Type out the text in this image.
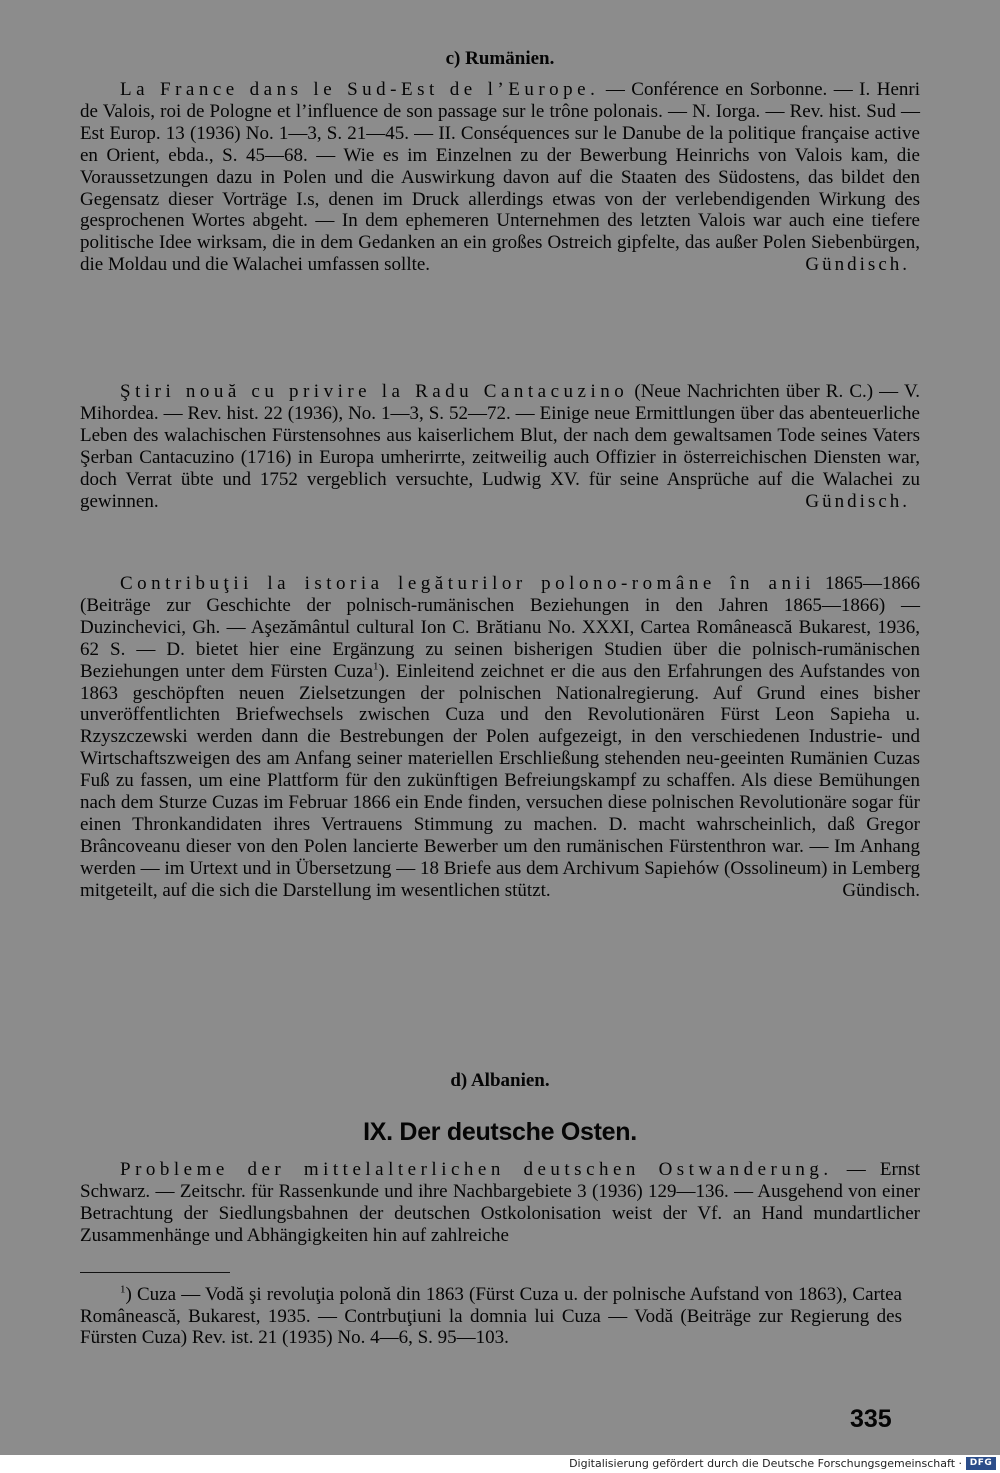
c) Rumänien.

La France dans le Sud-Est de l’Europe. — Conférence en Sorbonne. — I. Henri de Valois, roi de Pologne et l’influence de son passage sur le trône polonais. — N. Iorga. — Rev. hist. Sud — Est Europ. 13 (1936) No. 1—3, S. 21—45. — II. Conséquences sur le Danube de la politique française active en Orient, ebda., S. 45—68. — Wie es im Einzelnen zu der Bewerbung Heinrichs von Valois kam, die Voraussetzungen dazu in Polen und die Auswirkung davon auf die Staaten des Südostens, das bildet den Gegensatz dieser Vorträge I.s, denen im Druck allerdings etwas von der verlebendigenden Wirkung des gesprochenen Wortes abgeht. — In dem ephemeren Unternehmen des letzten Valois war auch eine tiefere politische Idee wirksam, die in dem Gedanken an ein großes Ostreich gipfelte, das außer Polen Siebenbürgen, die Moldau und die Walachei umfassen sollte.	Gündisch.

Ştiri nouă cu privire la Radu Cantacuzino (Neue Nachrichten über R. C.) — V. Mihordea. — Rev. hist. 22 (1936), No. 1—3, S. 52—72. — Einige neue Ermittlungen über das abenteuerliche Leben des walachischen Fürstensohnes aus kaiserlichem Blut, der nach dem gewaltsamen Tode seines Vaters Şerban Cantacuzino (1716) in Europa umherirrte, zeitweilig auch Offizier in österreichischen Diensten war, doch Verrat übte und 1752 vergeblich versuchte, Ludwig XV. für seine Ansprüche auf die Walachei zu gewinnen.	Gündisch.

Contribuţii la istoria legăturilor polono-române în anii 1865—1866 (Beiträge zur Geschichte der polnisch-rumänischen Beziehungen in den Jahren 1865—1866) — Duzinchevici, Gh. — Aşezământul cultural Ion C. Brătianu No. XXXI, Cartea Românească Bukarest, 1936, 62 S. — D. bietet hier eine Ergänzung zu seinen bisherigen Studien über die polnisch-rumänischen Beziehungen unter dem Fürsten Cuza$^1$). Einleitend zeichnet er die aus den Erfahrungen des Aufstandes von 1863 geschöpften neuen Zielsetzungen der polnischen Nationalregierung. Auf Grund eines bisher unveröffentlichten Briefwechsels zwischen Cuza und den Revolutionären Fürst Leon Sapieha u. Rzyszczewski werden dann die Bestrebungen der Polen aufgezeigt, in den verschiedenen Industrie- und Wirtschaftszweigen des am Anfang seiner materiellen Erschließung stehenden neu-geeinten Rumänien Cuzas Fuß zu fassen, um eine Plattform für den zukünftigen Befreiungskampf zu schaffen. Als diese Bemühungen nach dem Sturze Cuzas im Februar 1866 ein Ende finden, versuchen diese polnischen Revolutionäre sogar für einen Thronkandidaten ihres Vertrauens Stimmung zu machen. D. macht wahrscheinlich, daß Gregor Brâncoveanu dieser von den Polen lancierte Bewerber um den rumänischen Fürstenthron war. — Im Anhang werden — im Urtext und in Übersetzung — 18 Briefe aus dem Archivum Sapiehów (Ossolineum) in Lemberg mitgeteilt, auf die sich die Darstellung im wesentlichen stützt.	Gündisch.

d) Albanien.
IX. Der deutsche Osten.

Probleme der mittelalterlichen deutschen Ostwanderung. — Ernst Schwarz. — Zeitschr. für Rassenkunde und ihre Nachbargebiete 3 (1936) 129—136. — Ausgehend von einer Betrachtung der Siedlungsbahnen der deutschen Ostkolonisation weist der Vf. an Hand mundartlicher Zusammenhänge und Abhängigkeiten hin auf zahlreiche

$^1$) Cuza — Vodă şi revoluţia polonă din 1863 (Fürst Cuza u. der polnische Aufstand von 1863), Cartea Românească, Bukarest, 1935. — Contrbuţiuni la domnia lui Cuza — Vodă (Beiträge zur Regierung des Fürsten Cuza) Rev. ist. 21 (1935) No. 4—6, S. 95—103.

335
Digitalisierung gefördert durch die Deutsche Forschungsgemeinschaft · DFG
